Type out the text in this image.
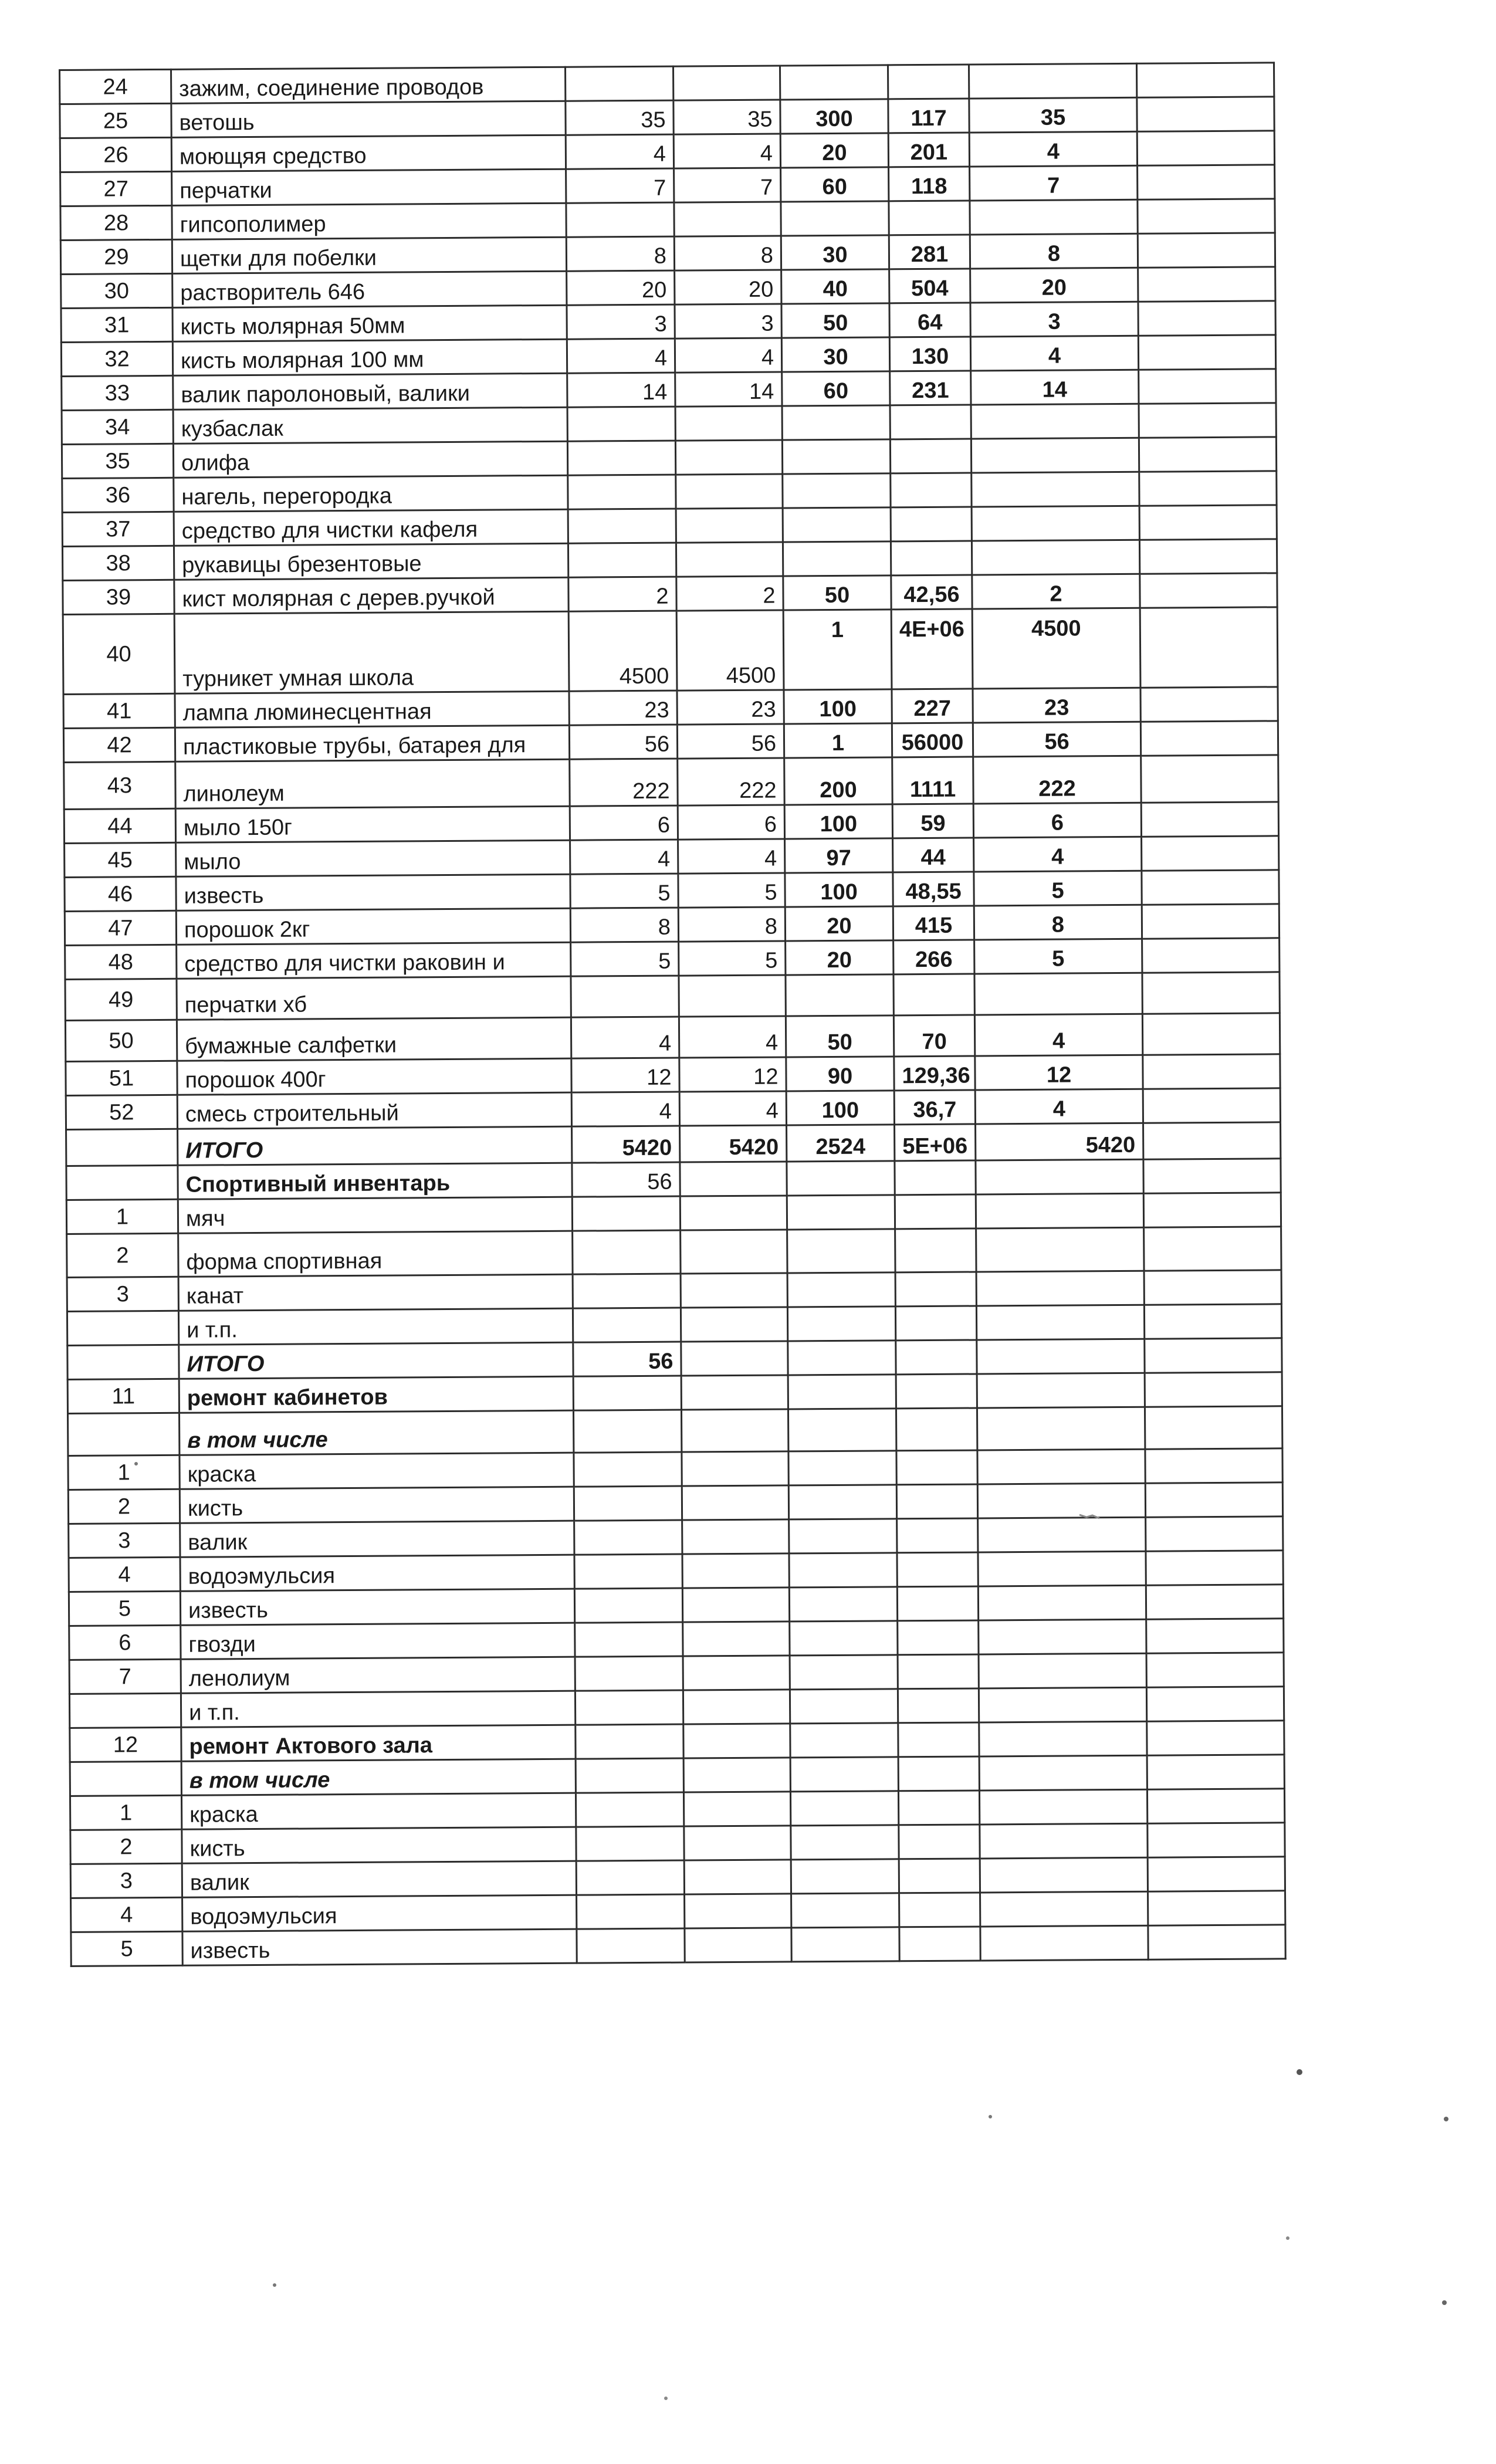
24	зажим, соединение проводов						
25	ветошь	35	35	300	117	35	
26	моющяя средство	4	4	20	201	4	
27	перчатки	7	7	60	118	7	
28	гипсополимер						
29	щетки для побелки	8	8	30	281	8	
30	растворитель 646	20	20	40	504	20	
31	кисть молярная 50мм	3	3	50	64	3	
32	кисть молярная 100 мм	4	4	30	130	4	
33	валик паролоновый, валики	14	14	60	231	14	
34	кузбаслак						
35	олифа						
36	нагель, перегородка						
37	средство для чистки кафеля						
38	рукавицы брезентовые						
39	кист молярная с дерев.ручкой	2	2	50	42,56	2	
40	турникет умная школа	4500	4500	1	4E+06	4500	
41	лампа люминесцентная	23	23	100	227	23	
42	пластиковые трубы, батарея для	56	56	1	56000	56	
43	линолеум	222	222	200	1111	222	
44	мыло 150г	6	6	100	59	6	
45	мыло	4	4	97	44	4	
46	известь	5	5	100	48,55	5	
47	порошок 2кг	8	8	20	415	8	
48	средство для чистки раковин и	5	5	20	266	5	
49	перчатки хб						
50	бумажные салфетки	4	4	50	70	4	
51	порошок 400г	12	12	90	129,36	12	
52	смесь строительный	4	4	100	36,7	4	
	ИТОГО	5420	5420	2524	5E+06	5420	
	Спортивный инвентарь	56					
1	мяч						
2	форма спортивная						
3	канат						
	и т.п.						
	ИТОГО	56					
11	ремонт кабинетов						
	в том числе						
1	краска						
2	кисть						
3	валик						
4	водоэмульсия						
5	известь						
6	гвозди						
7	ленолиум						
	и т.п.						
12	ремонт Актового зала						
	в том числе						
1	краска						
2	кисть						
3	валик						
4	водоэмульсия						
5	известь						
